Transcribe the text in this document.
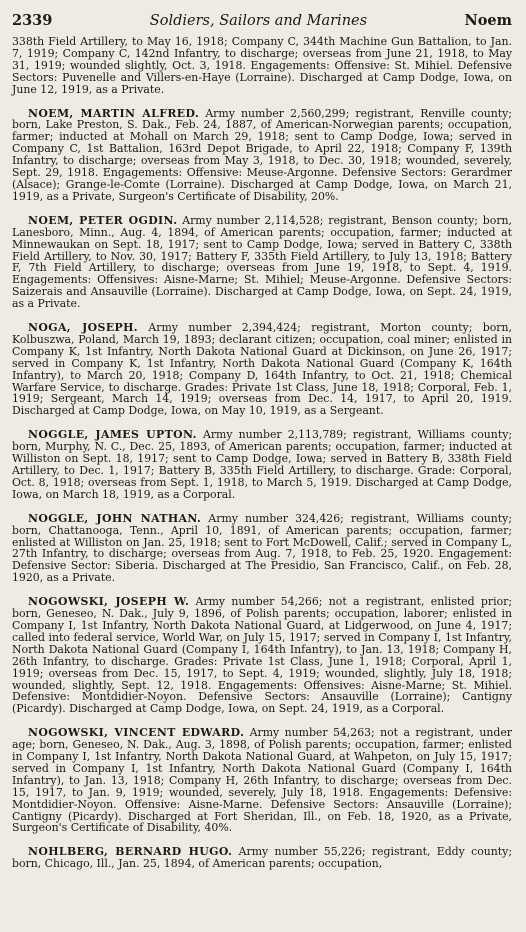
2339	Soldiers, Sailors and Marines	Noem

338th Field Artillery, to May 16, 1918; Company C, 344th Machine Gun Battalion, to Jan. 7, 1919; Company C, 142nd Infantry, to discharge; overseas from June 21, 1918, to May 31, 1919; wounded slightly, Oct. 3, 1918. Engagements: Offensive: St. Mihiel. Defensive Sectors: Puvenelle and Villers-en-Haye (Lorraine). Discharged at Camp Dodge, Iowa, on June 12, 1919, as a Private.

NOEM, MARTIN ALFRED. Army number 2,560,299; registrant, Renville county; born, Lake Preston, S. Dak., Feb. 24, 1887, of American-Norwegian parents; occupation, farmer; inducted at Mohall on March 29, 1918; sent to Camp Dodge, Iowa; served in Company C, 1st Battalion, 163rd Depot Brigade, to April 22, 1918; Company F, 139th Infantry, to discharge; overseas from May 3, 1918, to Dec. 30, 1918; wounded, severely, Sept. 29, 1918. Engagements: Offensive: Meuse-Argonne. Defensive Sectors: Gerardmer (Alsace); Grange-le-Comte (Lorraine). Discharged at Camp Dodge, Iowa, on March 21, 1919, as a Private, Surgeon's Certificate of Disability, 20%.

NOEM, PETER OGDIN. Army number 2,114,528; registrant, Benson county; born, Lanesboro, Minn., Aug. 4, 1894, of American parents; occupation, farmer; inducted at Minnewaukan on Sept. 18, 1917; sent to Camp Dodge, Iowa; served in Battery C, 338th Field Artillery, to Nov. 30, 1917; Battery F, 335th Field Artillery, to July 13, 1918; Battery F, 7th Field Artillery, to discharge; overseas from June 19, 1918, to Sept. 4, 1919. Engagements: Offensives: Aisne-Marne; St. Mihiel; Meuse-Argonne. Defensive Sectors: Saizerais and Ansauville (Lorraine). Discharged at Camp Dodge, Iowa, on Sept. 24, 1919, as a Private.

NOGA, JOSEPH. Army number 2,394,424; registrant, Morton county; born, Kolbuszwa, Poland, March 19, 1893; declarant citizen; occupation, coal miner; enlisted in Company K, 1st Infantry, North Dakota National Guard at Dickinson, on June 26, 1917; served in Company K, 1st Infantry, North Dakota National Guard (Company K, 164th Infantry), to March 20, 1918; Company D, 164th Infantry, to Oct. 21, 1918; Chemical Warfare Service, to discharge. Grades: Private 1st Class, June 18, 1918; Corporal, Feb. 1, 1919; Sergeant, March 14, 1919; overseas from Dec. 14, 1917, to April 20, 1919. Discharged at Camp Dodge, Iowa, on May 10, 1919, as a Sergeant.

NOGGLE, JAMES UPTON. Army number 2,113,789; registrant, Williams county; born, Murphy, N. C., Dec. 25, 1893, of American parents; occupation, farmer; inducted at Williston on Sept. 18, 1917; sent to Camp Dodge, Iowa; served in Battery B, 338th Field Artillery, to Dec. 1, 1917; Battery B, 335th Field Artillery, to discharge. Grade: Corporal, Oct. 8, 1918; overseas from Sept. 1, 1918, to March 5, 1919. Discharged at Camp Dodge, Iowa, on March 18, 1919, as a Corporal.

NOGGLE, JOHN NATHAN. Army number 324,426; registrant, Williams county; born, Chattanooga, Tenn., April 10, 1891, of American parents; occupation, farmer; enlisted at Williston on Jan. 25, 1918; sent to Fort McDowell, Calif.; served in Company L, 27th Infantry, to discharge; overseas from Aug. 7, 1918, to Feb. 25, 1920. Engagement: Defensive Sector: Siberia. Discharged at The Presidio, San Francisco, Calif., on Feb. 28, 1920, as a Private.

NOGOWSKI, JOSEPH W. Army number 54,266; not a registrant, enlisted prior; born, Geneseo, N. Dak., July 9, 1896, of Polish parents; occupation, laborer; enlisted in Company I, 1st Infantry, North Dakota National Guard, at Lidgerwood, on June 4, 1917; called into federal service, World War, on July 15, 1917; served in Company I, 1st Infantry, North Dakota National Guard (Company I, 164th Infantry), to Jan. 13, 1918; Company H, 26th Infantry, to discharge. Grades: Private 1st Class, June 1, 1918; Corporal, April 1, 1919; overseas from Dec. 15, 1917, to Sept. 4, 1919; wounded, slightly, July 18, 1918; wounded, slightly, Sept. 12, 1918. Engagements: Offensives: Aisne-Marne; St. Mihiel. Defensive: Montdidier-Noyon. Defensive Sectors: Ansauville (Lorraine); Cantigny (Picardy). Discharged at Camp Dodge, Iowa, on Sept. 24, 1919, as a Corporal.

NOGOWSKI, VINCENT EDWARD. Army number 54,263; not a registrant, under age; born, Geneseo, N. Dak., Aug. 3, 1898, of Polish parents; occupation, farmer; enlisted in Company I, 1st Infantry, North Dakota National Guard, at Wahpeton, on July 15, 1917; served in Company I, 1st Infantry, North Dakota National Guard (Company I, 164th Infantry), to Jan. 13, 1918; Company H, 26th Infantry, to discharge; overseas from Dec. 15, 1917, to Jan. 9, 1919; wounded, severely, July 18, 1918. Engagements: Defensive: Montdidier-Noyon. Offensive: Aisne-Marne. Defensive Sectors: Ansauville (Lorraine); Cantigny (Picardy). Discharged at Fort Sheridan, Ill., on Feb. 18, 1920, as a Private, Surgeon's Certificate of Disability, 40%.

NOHLBERG, BERNARD HUGO. Army number 55,226; registrant, Eddy county; born, Chicago, Ill., Jan. 25, 1894, of American parents; occupation,
